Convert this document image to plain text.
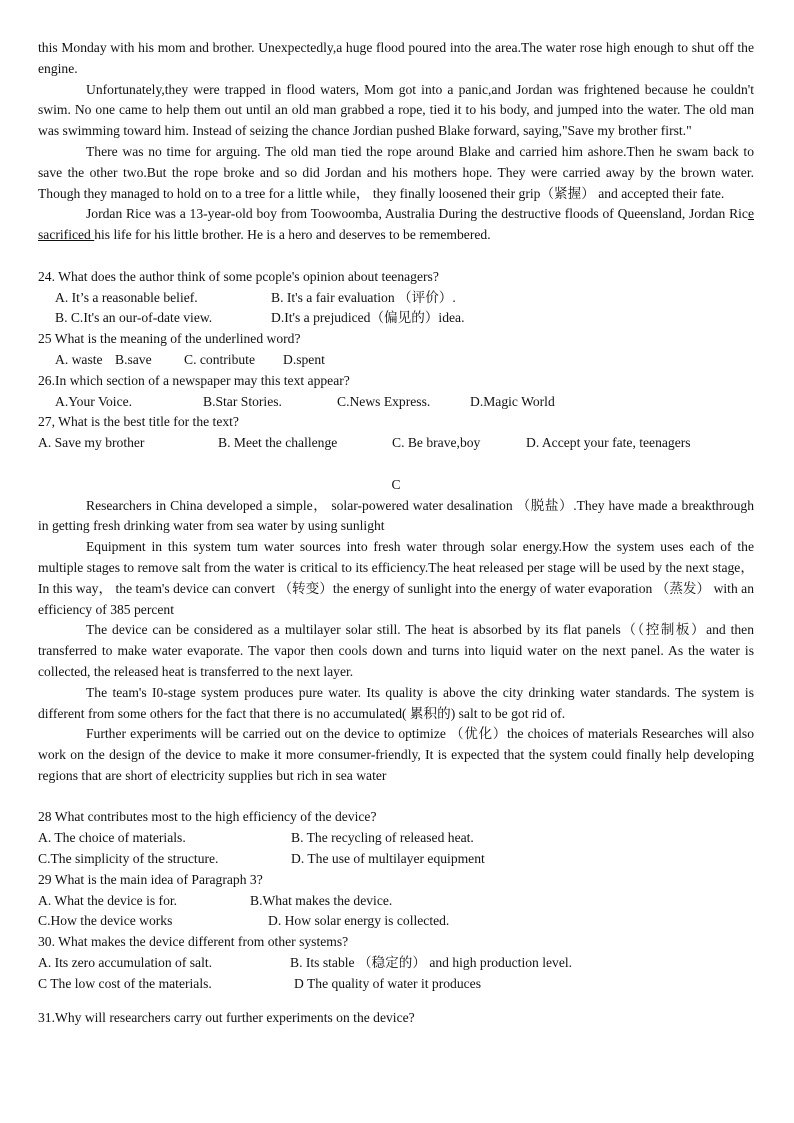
this Monday with his mom and brother. Unexpectedly,a huge flood poured into the area.The water rose high enough to shut off the engine.

Unfortunately,they were trapped in flood waters, Mom got into a panic,and Jordan was frightened because he couldn't swim. No one came to help them out until an old man grabbed a rope, tied it to his body, and jumped into the water. The old man was swimming toward him. Instead of seizing the chance Jordian pushed Blake forward, saying,"Save my brother first."

There was no time for arguing. The old man tied the rope around Blake and carried him ashore.Then he swam back to save the other two.But the rope broke and so did Jordan and his mothers hope. They were carried away by the brown water. Though they managed to hold on to a tree for a little while， they finally loosened their grip（紧握） and accepted their fate.

Jordan Rice was a 13-year-old boy from Toowoomba, Australia During the destructive floods of Queensland, Jordan Rice sacrificed his life for his little brother. He is a hero and deserves to be remembered.

24. What does the author think of some pcople's opinion about teenagers?
A. It’s a reasonable belief.	B. It's a fair evaluation （评价）.
B. C.It's an our-of-date view.	D.It's a prejudiced（偏见的）idea.
25 What is the meaning of the underlined word?
A. waste B.save	C. contribute	D.spent
26.In which section of a newspaper may this text appear?
A.Your Voice.	B.Star Stories.	C.News Express.	D.Magic World
27, What is the best title for the text?
A. Save my brother	B. Meet the challenge	C. Be brave,boy	D. Accept your fate, teenagers
C

Researchers in China developed a simple， solar-powered water desalination （脱盐）.They have made a breakthrough in getting fresh drinking water from sea water by using sunlight

Equipment in this system tum water sources into fresh water through solar energy.How the system uses each of the multiple stages to remove salt from the water is critical to its efficiency.The heat released per stage will be used by the next stage，In this way， the team's device can convert （转变）the energy of sunlight into the energy of water evaporation （蒸发） with an efficiency of 385 percent

The device can be considered as a multilayer solar still. The heat is absorbed by its flat panels（（控制板）and then transferred to make water evaporate. The vapor then cools down and turns into liquid water on the next panel. As the water is collected, the released heat is transferred to the next layer.

The team's I0-stage system produces pure water. Its quality is above the city drinking water standards. The system is different from some others for the fact that there is no accumulated( 累积的) salt to be got rid of.

Further experiments will be carried out on the device to optimize （优化）the choices of materials Researches will also work on the design of the device to make it more consumer-friendly, It is expected that the system could finally help developing regions that are short of electricity supplies but rich in sea water

28 What contributes most to the high efficiency of the device?
A. The choice of materials.	B. The recycling of released heat.
C.The simplicity of the structure.	D. The use of multilayer equipment
29 What is the main idea of Paragraph 3?
A. What the device is for.	B.What makes the device.
C.How the device works	D. How solar energy is collected.
30. What makes the device different from other systems?
A. Its zero accumulation of salt.	B. Its stable （稳定的） and high production level.
C The low cost of the materials.	D The quality of water it produces
31.Why will researchers carry out further experiments on the device?
